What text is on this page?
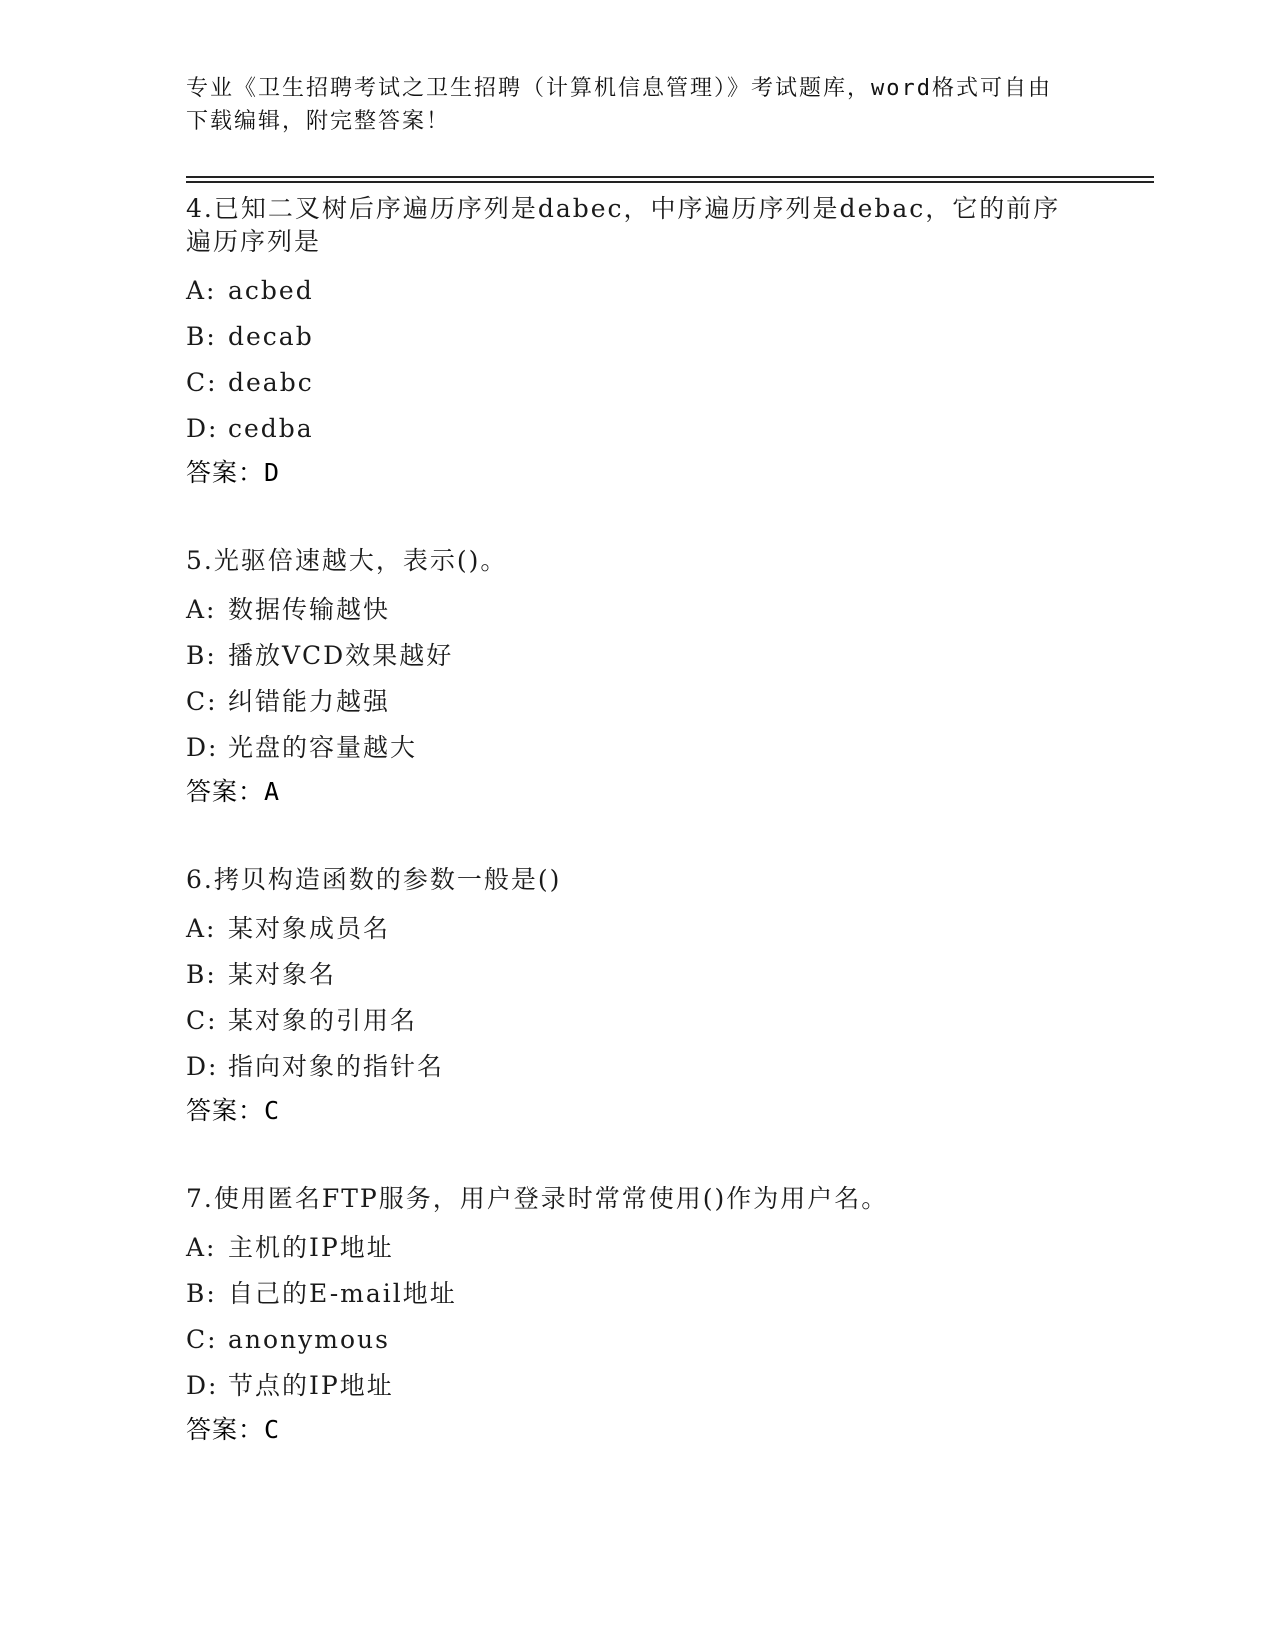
专业《卫生招聘考试之卫生招聘（计算机信息管理）》考试题库，word格式可自由下载编辑，附完整答案！
4.已知二叉树后序遍历序列是dabec，中序遍历序列是debac，它的前序遍历序列是
A: acbed
B: decab
C: deabc
D: cedba
答案：D
5.光驱倍速越大，表示()。
A: 数据传输越快
B: 播放VCD效果越好
C: 纠错能力越强
D: 光盘的容量越大
答案：A
6.拷贝构造函数的参数一般是()
A: 某对象成员名
B: 某对象名
C: 某对象的引用名
D: 指向对象的指针名
答案：C
7.使用匿名FTP服务，用户登录时常常使用()作为用户名。
A: 主机的IP地址
B: 自己的E-mail地址
C: anonymous
D: 节点的IP地址
答案：C
